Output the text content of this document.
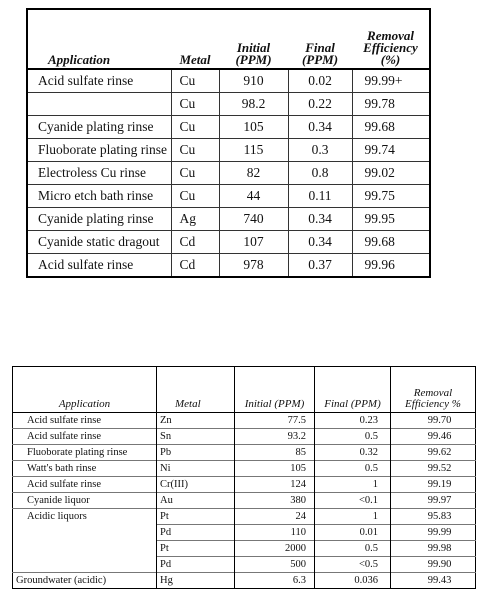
Application	Metal	Initial (PPM)	Final (PPM)	Removal Efficiency (%)
Acid sulfate rinse	Cu	910	0.02	99.99+
	Cu	98.2	0.22	99.78
Cyanide plating rinse	Cu	105	0.34	99.68
Fluoborate plating rinse	Cu	115	0.3	99.74
Electroless Cu rinse	Cu	82	0.8	99.02
Micro etch bath rinse	Cu	44	0.11	99.75
Cyanide plating rinse	Ag	740	0.34	99.95
Cyanide static dragout	Cd	107	0.34	99.68
Acid sulfate rinse	Cd	978	0.37	99.96
Application	Metal	Initial (PPM)	Final (PPM)	Removal Efficiency %
Acid sulfate rinse	Zn	77.5	0.23	99.70
Acid sulfate rinse	Sn	93.2	0.5	99.46
Fluoborate plating rinse	Pb	85	0.32	99.62
Watt's bath rinse	Ni	105	0.5	99.52
Acid sulfate rinse	Cr(III)	124	1	99.19
Cyanide liquor	Au	380	<0.1	99.97
Acidic liquors	Pt	24	1	95.83
	Pd	110	0.01	99.99
	Pt	2000	0.5	99.98
	Pd	500	<0.5	99.90
Groundwater (acidic)	Hg	6.3	0.036	99.43
